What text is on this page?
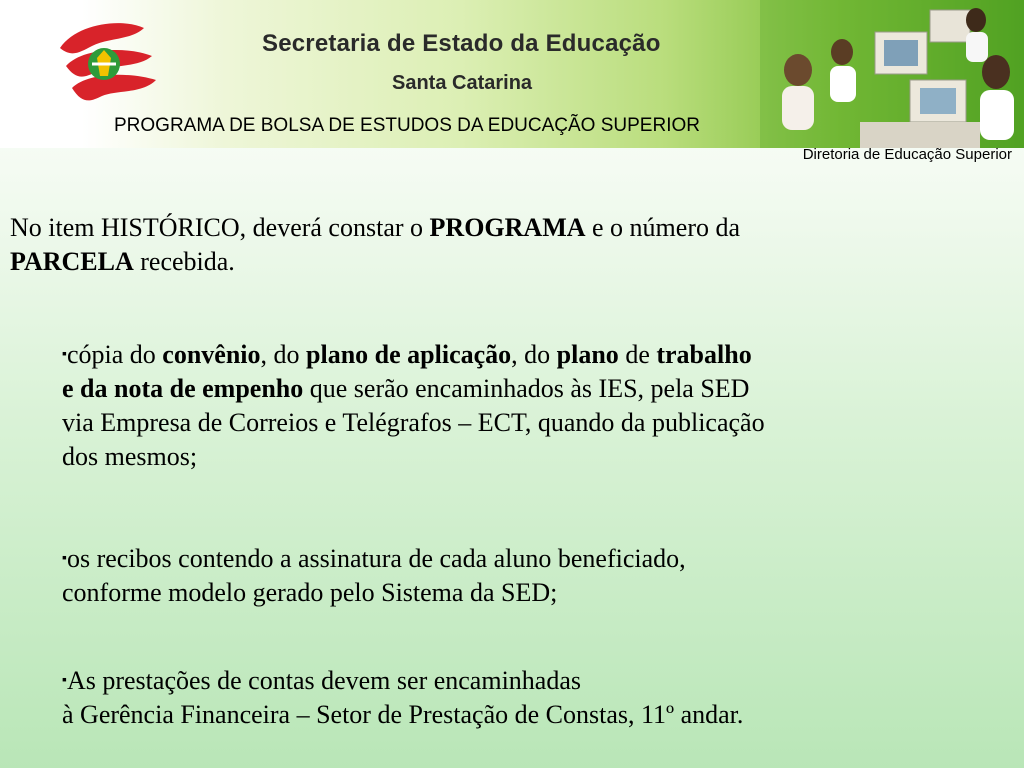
Secretaria de Estado da Educação
Santa Catarina
PROGRAMA DE BOLSA DE ESTUDOS DA EDUCAÇÃO SUPERIOR
Diretoria de Educação Superior

No item HISTÓRICO, deverá constar o PROGRAMA e o número da
PARCELA recebida.

▪cópia do convênio, do plano de aplicação, do plano de trabalho
e da nota de empenho que serão encaminhados às IES, pela SED
via Empresa de Correios e Telégrafos – ECT, quando da publicação
dos mesmos;

▪os recibos contendo a assinatura de cada aluno beneficiado,
conforme modelo gerado pelo Sistema da SED;

▪As prestações de contas devem ser encaminhadas
à Gerência Financeira – Setor de Prestação de Constas, 11º andar.
